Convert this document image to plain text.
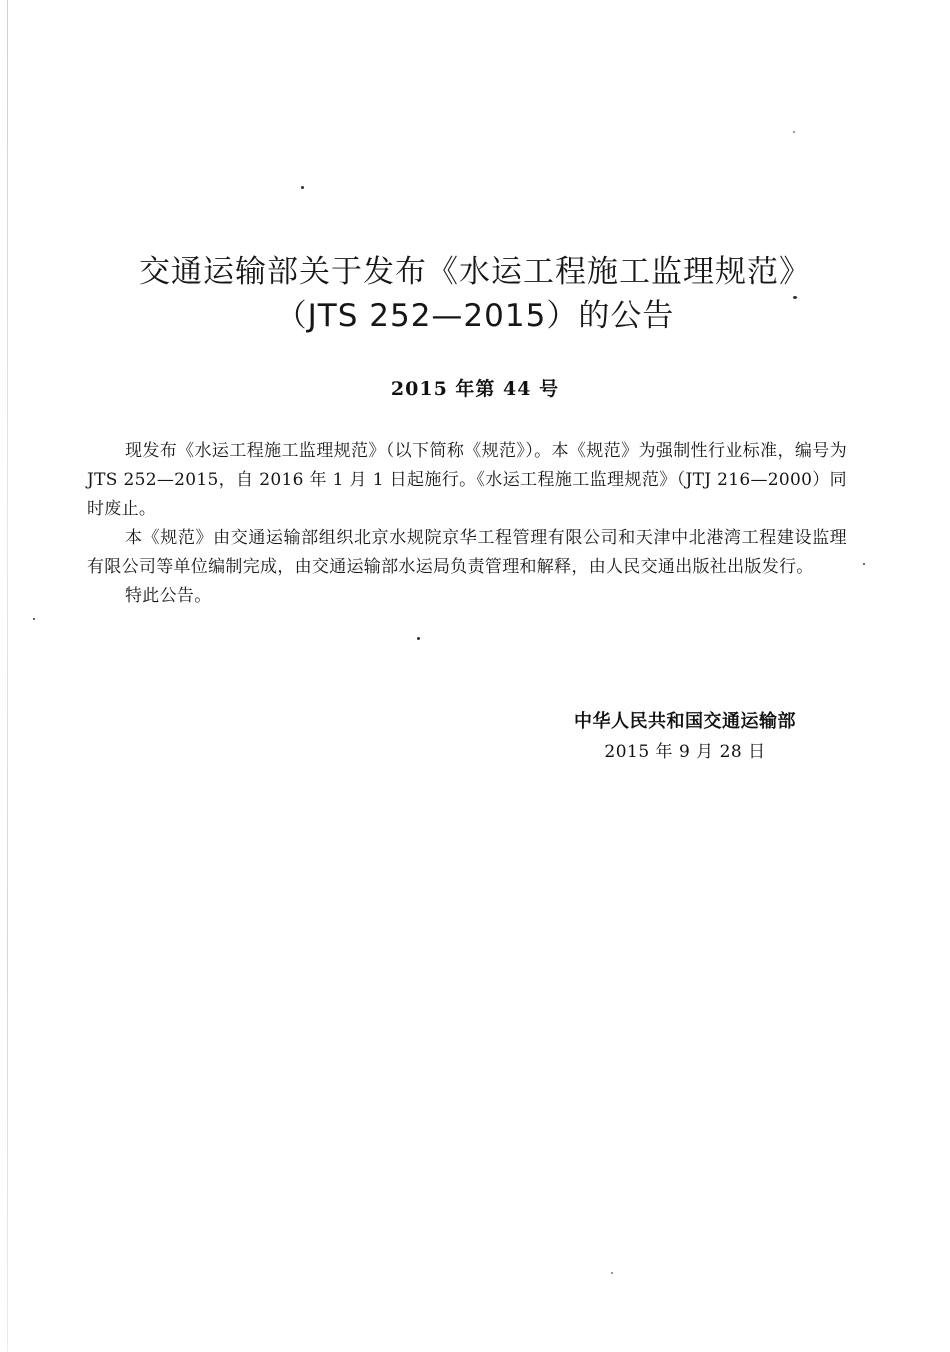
交通运输部关于发布《水运工程施工监理规范》
（JTS 252—2015）的公告
2015 年第 44 号

现发布《水运工程施工监理规范》（以下简称《规范》）。本《规范》为强制性行业标准，编号为 JTS 252—2015，自 2016 年 1 月 1 日起施行。《水运工程施工监理规范》（JTJ 216—2000）同时废止。

本《规范》由交通运输部组织北京水规院京华工程管理有限公司和天津中北港湾工程建设监理有限公司等单位编制完成，由交通运输部水运局负责管理和解释，由人民交通出版社出版发行。

特此公告。

中华人民共和国交通运输部
2015 年 9 月 28 日
